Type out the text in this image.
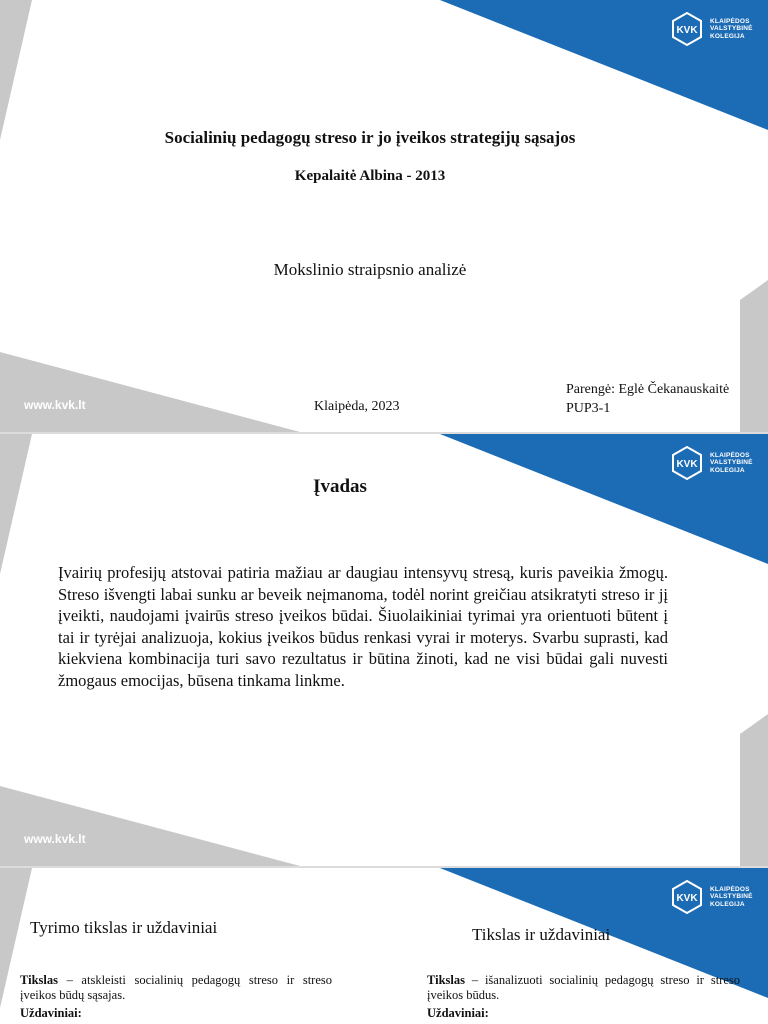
KVK
KLAIPĖDOS
VALSTYBINĖ
KOLEGIJA
www.kvk.lt
Socialinių pedagogų streso ir jo įveikos strategijų sąsajos
Kepalaitė Albina - 2013
Mokslinio straipsnio analizė
Klaipėda, 2023
Parengė: Eglė Čekanauskaitė
PUP3-1
KVK
KLAIPĖDOS
VALSTYBINĖ
KOLEGIJA
www.kvk.lt
Įvadas
Įvairių profesijų atstovai patiria mažiau ar daugiau intensyvų stresą, kuris paveikia žmogų. Streso išvengti labai sunku ar beveik neįmanoma, todėl norint greičiau atsikratyti streso ir jį įveikti, naudojami įvairūs streso įveikos būdai. Šiuolaikiniai tyrimai yra orientuoti būtent į tai ir tyrėjai analizuoja, kokius įveikos būdus renkasi vyrai ir moterys. Svarbu suprasti, kad kiekviena kombinacija turi savo rezultatus ir būtina žinoti, kad ne visi būdai gali nuvesti žmogaus emocijas, būsena tinkama linkme.
KVK
KLAIPĖDOS
VALSTYBINĖ
KOLEGIJA
Tyrimo tikslas ir uždaviniai	Tikslas ir uždaviniai
Tikslas – atskleisti socialinių pedagogų streso ir streso įveikos būdų sąsajas.
Uždaviniai:
Tikslas – išanalizuoti socialinių pedagogų streso ir streso įveikos būdus.
Uždaviniai:
